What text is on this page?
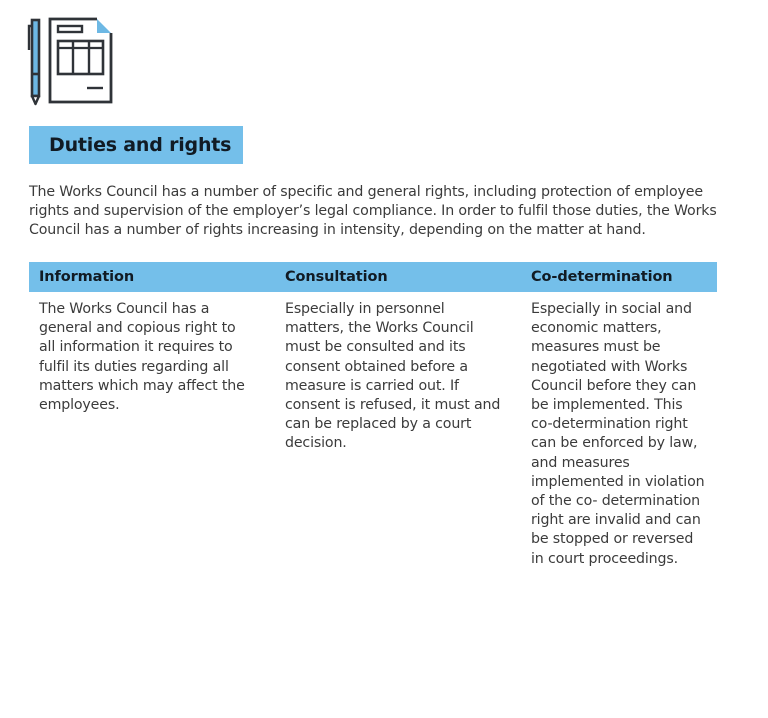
Duties and rights

The Works Council has a number of specific and general rights, including protection of employee rights and supervision of the employer’s legal compliance. In order to fulfil those duties, the Works Council has a number of rights increasing in intensity, depending on the matter at hand.

Information	Consultation	Co-determination
The Works Council has a general and copious right to all information it requires to fulfil its duties regarding all matters which may affect the employees.
Especially in personnel matters, the Works Council must be consulted and its consent obtained before a measure is carried out. If consent is refused, it must and can be replaced by a court decision.
Especially in social and economic matters, measures must be negotiated with Works Council before they can be implemented. This co-determination right can be enforced by law, and measures implemented in violation of the co- determination right are invalid and can be stopped or reversed in court proceedings.
